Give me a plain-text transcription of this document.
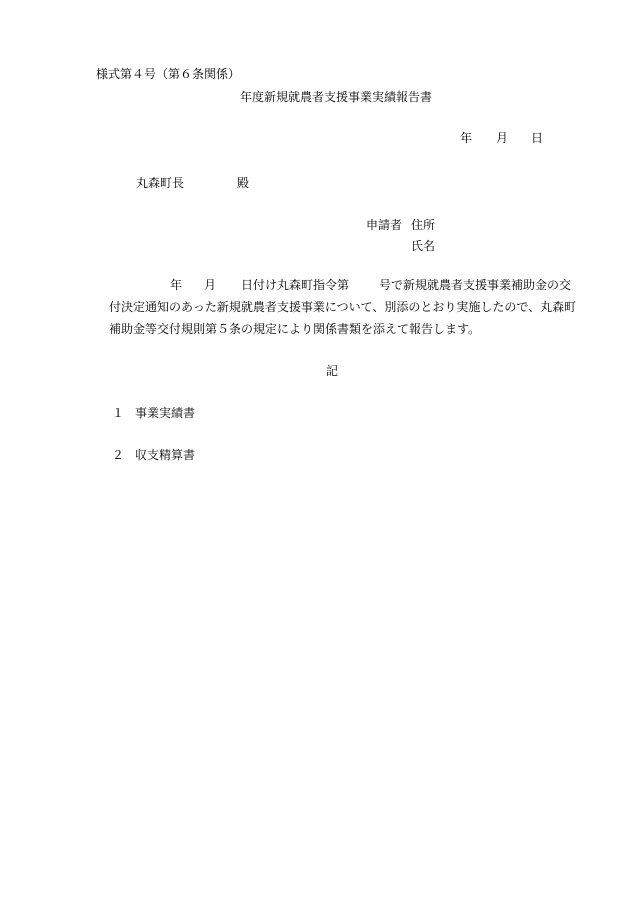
様式第４号（第６条関係）
年度新規就農者支援事業実績報告書
年 月 日
丸森町長	殿
申請者 住所
氏名
年 月 日付け丸森町指令第 号で新規就農者支援事業補助金の交
付決定通知のあった新規就農者支援事業について、別添のとおり実施したので、丸森町
補助金等交付規則第５条の規定により関係書類を添えて報告します。
記
１ 事業実績書
２ 収支精算書
